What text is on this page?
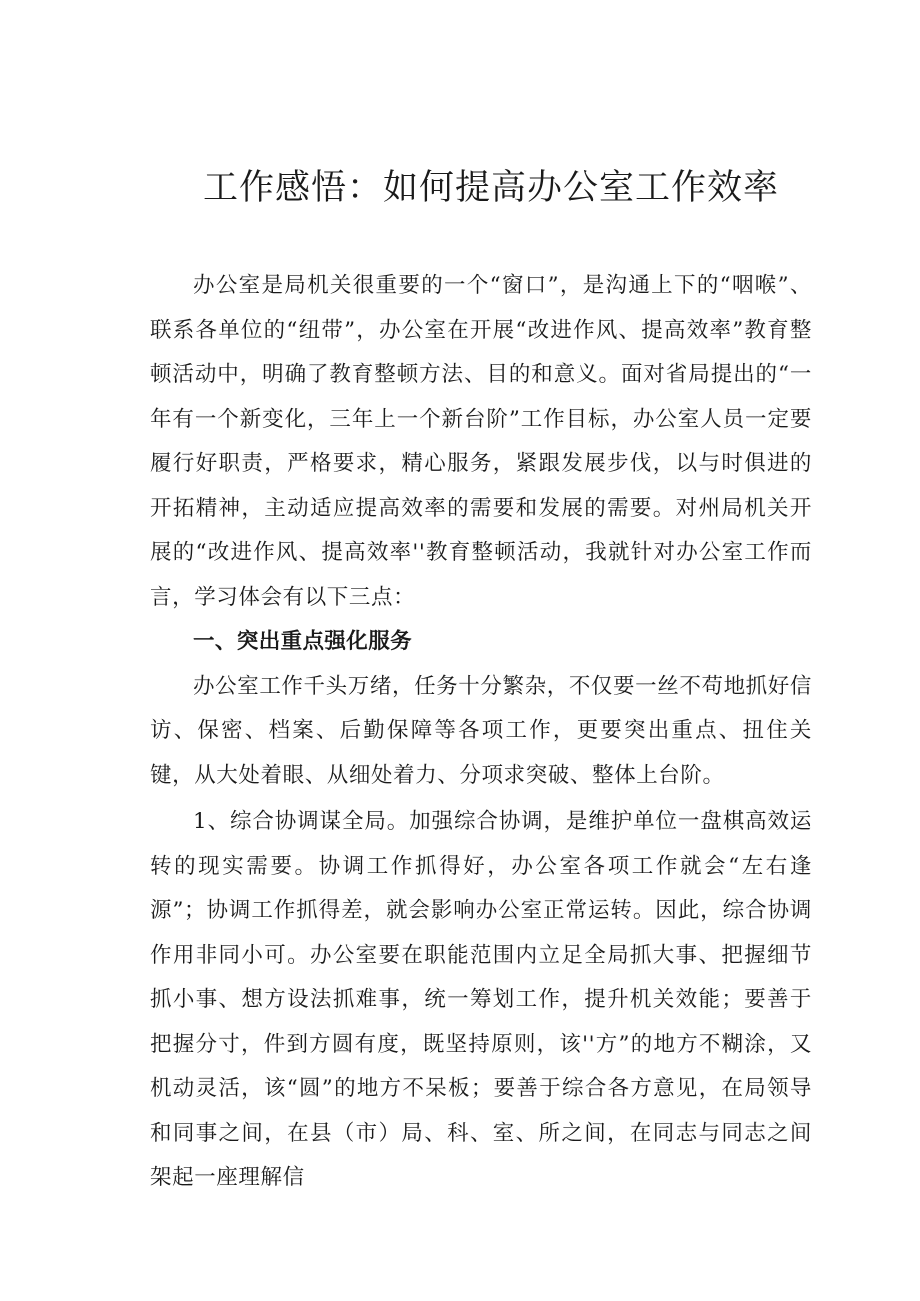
工作感悟：如何提高办公室工作效率

办公室是局机关很重要的一个“窗口”，是沟通上下的“咽喉”、联系各单位的“纽带”，办公室在开展“改进作风、提高效率”教育整顿活动中，明确了教育整顿方法、目的和意义。面对省局提出的“一年有一个新变化，三年上一个新台阶”工作目标，办公室人员一定要履行好职责，严格要求，精心服务，紧跟发展步伐，以与时俱进的开拓精神，主动适应提高效率的需要和发展的需要。对州局机关开展的“改进作风、提高效率''教育整顿活动，我就针对办公室工作而言，学习体会有以下三点：

一、突出重点强化服务

办公室工作千头万绪，任务十分繁杂，不仅要一丝不苟地抓好信访、保密、档案、后勤保障等各项工作，更要突出重点、扭住关键，从大处着眼、从细处着力、分项求突破、整体上台阶。

1、综合协调谋全局。加强综合协调，是维护单位一盘棋高效运转的现实需要。协调工作抓得好，办公室各项工作就会“左右逢源”；协调工作抓得差，就会影响办公室正常运转。因此，综合协调作用非同小可。办公室要在职能范围内立足全局抓大事、把握细节抓小事、想方设法抓难事，统一筹划工作，提升机关效能；要善于把握分寸，件到方圆有度，既坚持原则，该''方”的地方不糊涂，又机动灵活，该“圆”的地方不呆板；要善于综合各方意见，在局领导和同事之间，在县（市）局、科、室、所之间，在同志与同志之间架起一座理解信
